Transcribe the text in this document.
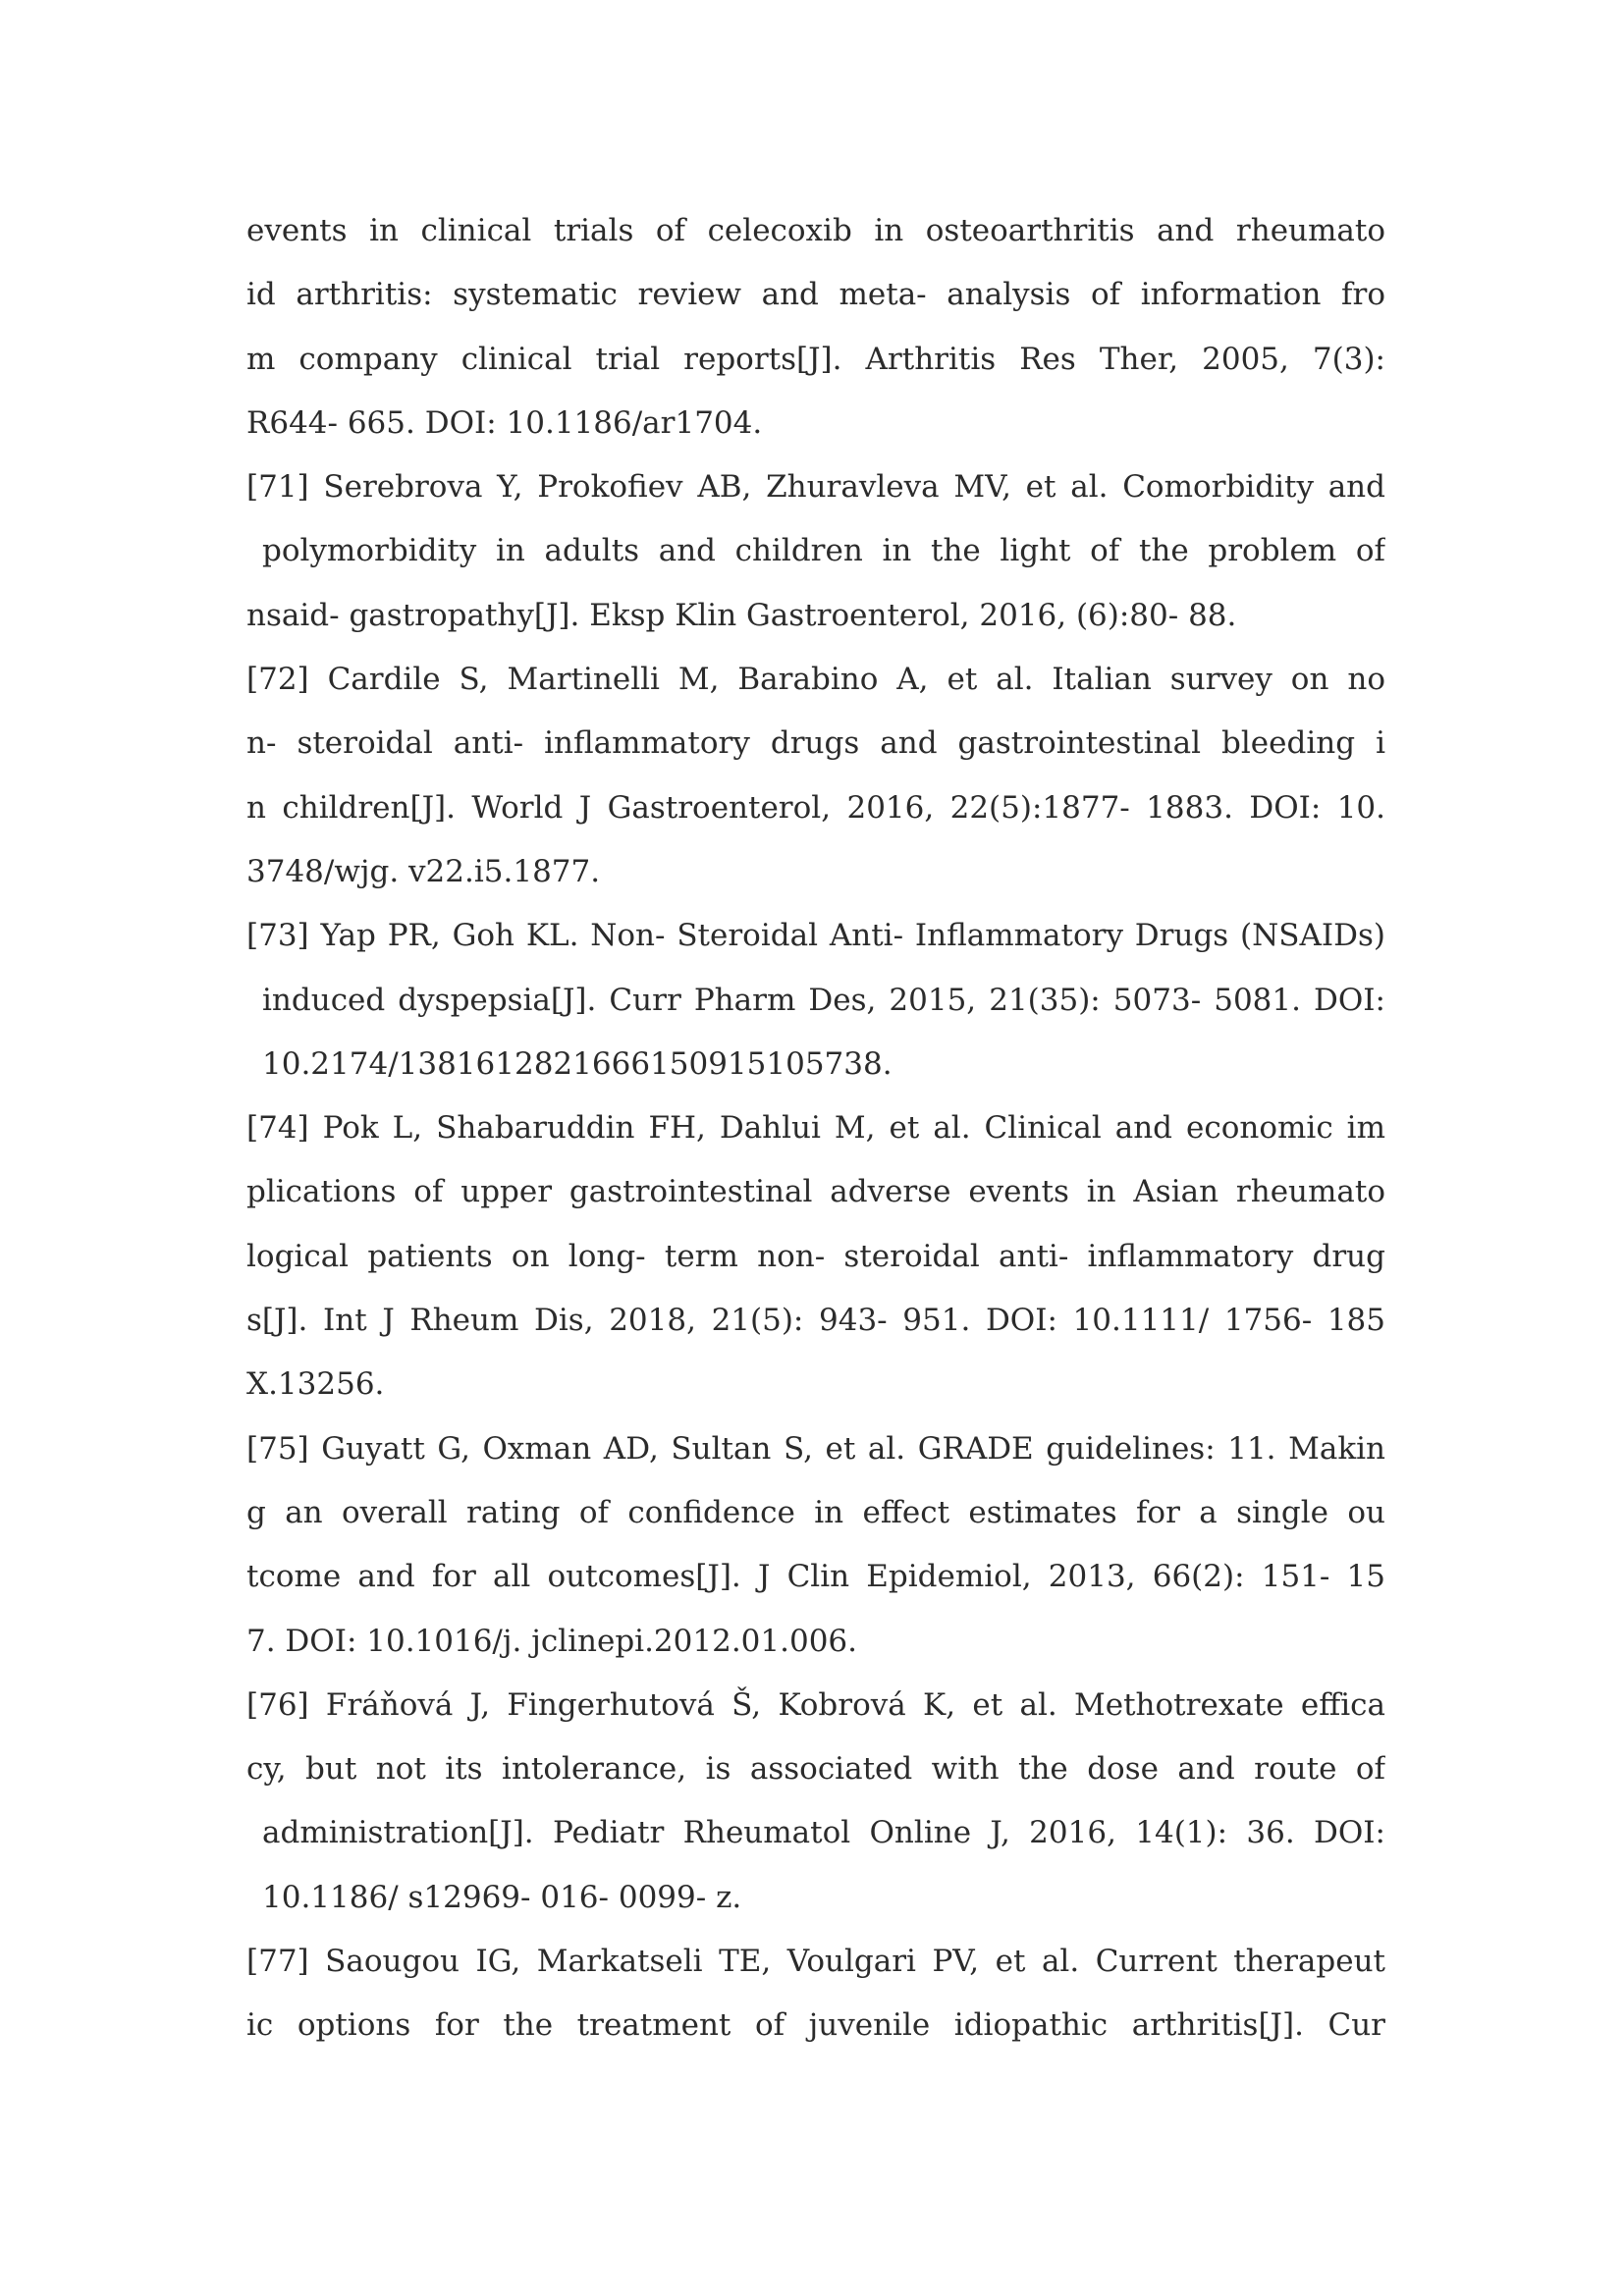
events in clinical trials of celecoxib in osteoarthritis and rheumato
id arthritis: systematic review and meta- analysis of information fro
m company clinical trial reports[J]. Arthritis Res Ther, 2005, 7(3):
R644- 665. DOI: 10.1186/ar1704.
[71] Serebrova Y, Prokofiev AB, Zhuravleva MV, et al. Comorbidity and
polymorbidity in adults and children in the light of the problem of
nsaid- gastropathy[J]. Eksp Klin Gastroenterol, 2016, (6):80- 88.
[72] Cardile S, Martinelli M, Barabino A, et al. Italian survey on no
n- steroidal anti- inflammatory drugs and gastrointestinal bleeding i
n children[J]. World J Gastroenterol, 2016, 22(5):1877- 1883. DOI: 10.
3748/wjg. v22.i5.1877.
[73] Yap PR, Goh KL. Non- Steroidal Anti- Inflammatory Drugs (NSAIDs)
induced dyspepsia[J]. Curr Pharm Des, 2015, 21(35): 5073- 5081. DOI:
10.2174/1381612821666150915105738.
[74] Pok L, Shabaruddin FH, Dahlui M, et al. Clinical and economic im
plications of upper gastrointestinal adverse events in Asian rheumato
logical patients on long- term non- steroidal anti- inflammatory drug
s[J]. Int J Rheum Dis, 2018, 21(5): 943- 951. DOI: 10.1111/ 1756- 185
X.13256.
[75] Guyatt G, Oxman AD, Sultan S, et al. GRADE guidelines: 11. Makin
g an overall rating of confidence in effect estimates for a single ou
tcome and for all outcomes[J]. J Clin Epidemiol, 2013, 66(2): 151- 15
7. DOI: 10.1016/j. jclinepi.2012.01.006.
[76] Fráňová J, Fingerhutová Š, Kobrová K, et al. Methotrexate effica
cy, but not its intolerance, is associated with the dose and route of
administration[J]. Pediatr Rheumatol Online J, 2016, 14(1): 36. DOI:
10.1186/ s12969- 016- 0099- z.
[77] Saougou IG, Markatseli TE, Voulgari PV, et al. Current therapeut
ic options for the treatment of juvenile idiopathic arthritis[J]. Cur
